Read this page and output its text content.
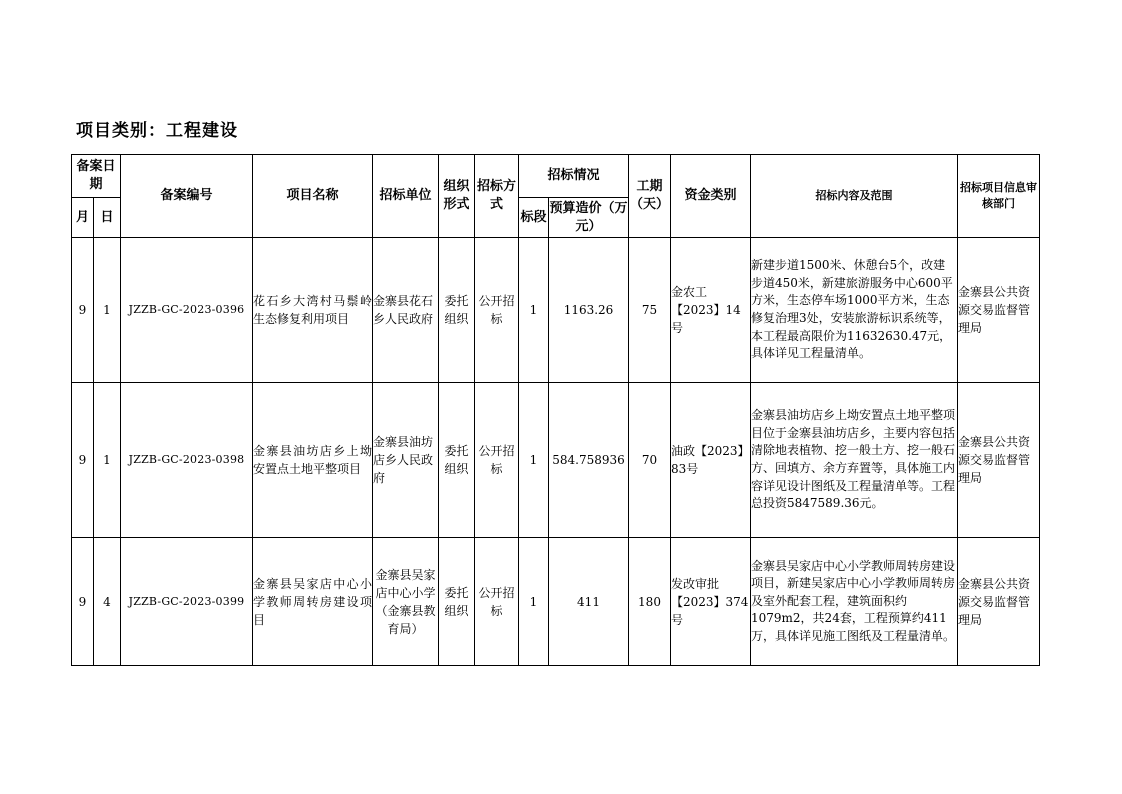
项目类别：工程建设
备案日期		备案编号	项目名称	招标单位	组织形式	招标方式	招标情况		工期（天）	资金类别	招标内容及范围	招标项目信息审核部门
月	日						标段	预算造价（万元）				
9	1	JZZB-GC-2023-0396	花石乡大湾村马鬃岭生态修复利用项目	金寨县花石乡人民政府	委托组织	公开招标	1	1163.26	75	金农工【2023】14号	新建步道1500米、休憩台5个，改建步道450米，新建旅游服务中心600平方米，生态停车场1000平方米，生态修复治理3处，安装旅游标识系统等，本工程最高限价为11632630.47元，具体详见工程量清单。	金寨县公共资源交易监督管理局
9	1	JZZB-GC-2023-0398	金寨县油坊店乡上坳安置点土地平整项目	金寨县油坊店乡人民政府	委托组织	公开招标	1	584.758936	70	油政【2023】83号	金寨县油坊店乡上坳安置点土地平整项目位于金寨县油坊店乡，主要内容包括清除地表植物、挖一般土方、挖一般石方、回填方、余方弃置等，具体施工内容详见设计图纸及工程量清单等。工程总投资5847589.36元。	金寨县公共资源交易监督管理局
9	4	JZZB-GC-2023-0399	金寨县吴家店中心小学教师周转房建设项目	金寨县吴家店中心小学（金寨县教育局）	委托组织	公开招标	1	411	180	发改审批【2023】374号	金寨县吴家店中心小学教师周转房建设项目，新建吴家店中心小学教师周转房及室外配套工程，建筑面积约1079m2，共24套，工程预算约411万，具体详见施工图纸及工程量清单。	金寨县公共资源交易监督管理局
